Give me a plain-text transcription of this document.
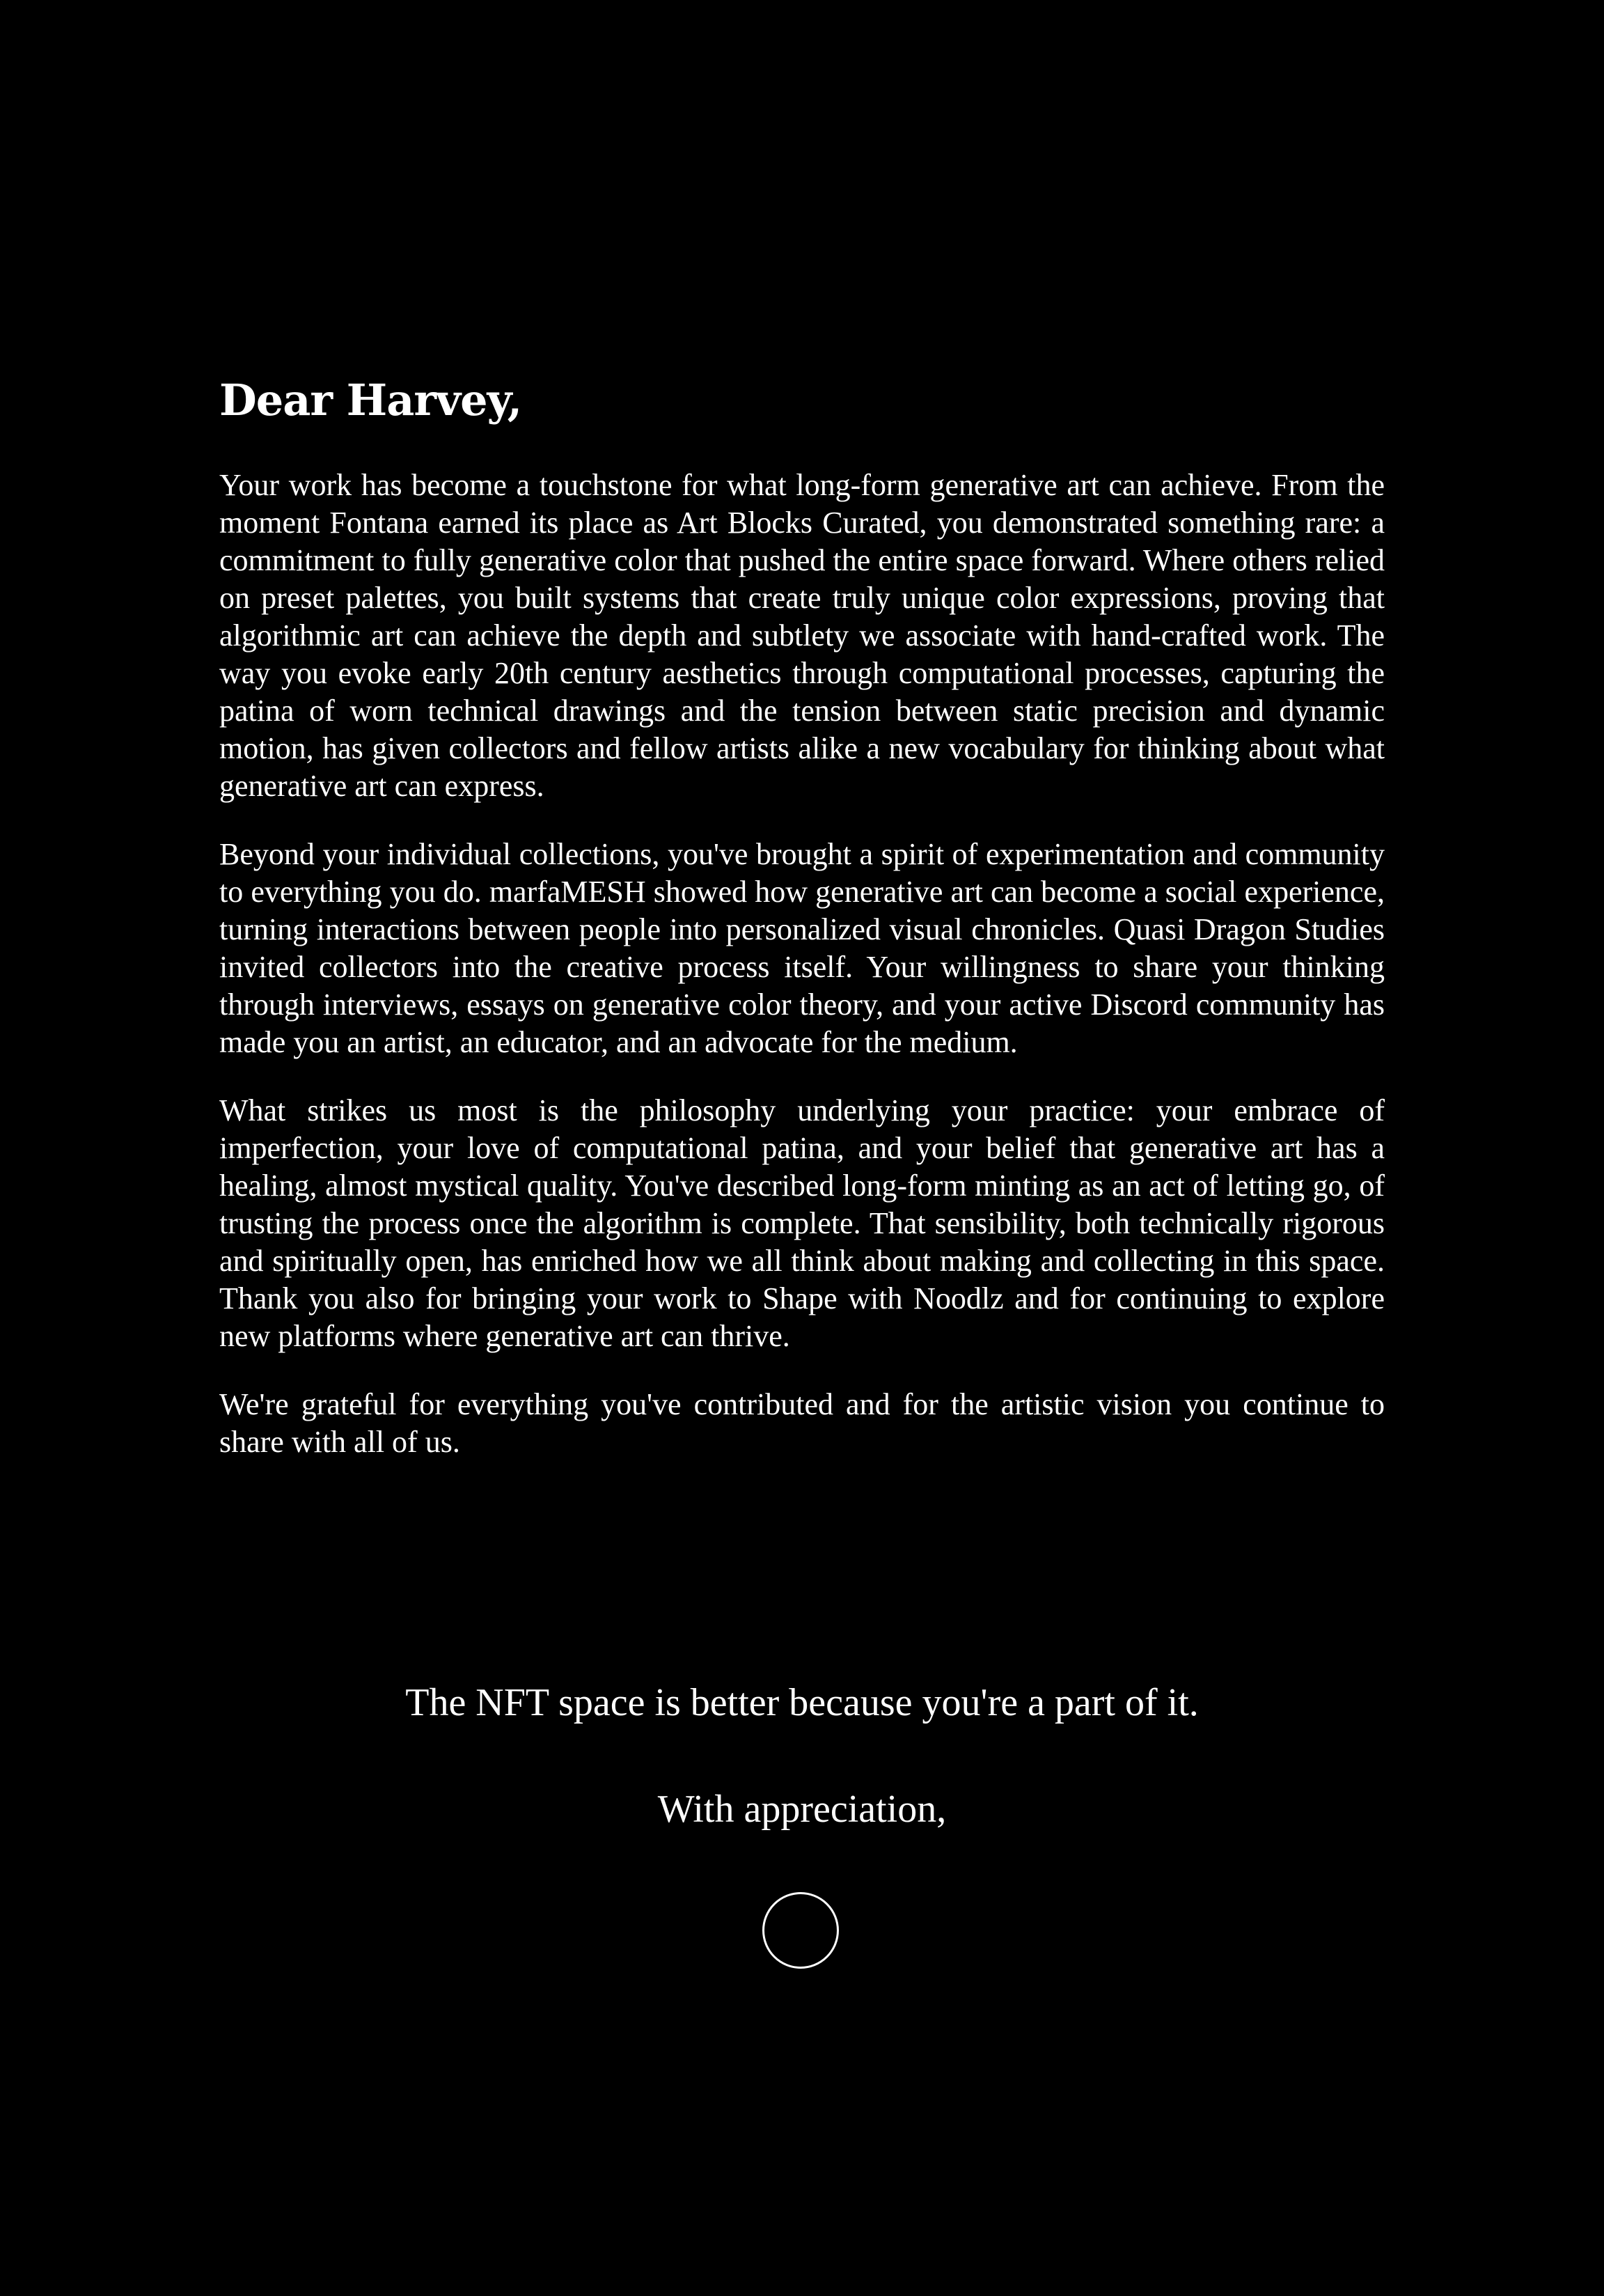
Dear Harvey,

Your work has become a touchstone for what long-form generative art can achieve. From the moment Fontana earned its place as Art Blocks Curated, you demonstrated something rare: a commitment to fully generative color that pushed the entire space forward. Where others relied on preset palettes, you built systems that create truly unique color expressions, proving that algorithmic art can achieve the depth and subtlety we associate with hand-crafted work. The way you evoke early 20th century aesthetics through computational processes, capturing the patina of worn technical drawings and the tension between static precision and dynamic motion, has given collectors and fellow artists alike a new vocabulary for thinking about what generative art can express.

Beyond your individual collections, you've brought a spirit of experimentation and community to everything you do. marfaMESH showed how generative art can become a social experience, turning interactions between people into personalized visual chronicles. Quasi Dragon Studies invited collectors into the creative process itself. Your willingness to share your thinking through interviews, essays on generative color theory, and your active Discord community has made you an artist, an educator, and an advocate for the medium.

What strikes us most is the philosophy underlying your practice: your embrace of imperfection, your love of computational patina, and your belief that generative art has a healing, almost mystical quality. You've described long-form minting as an act of letting go, of trusting the process once the algorithm is complete. That sensibility, both technically rigorous and spiritually open, has enriched how we all think about making and collecting in this space. Thank you also for bringing your work to Shape with Noodlz and for continuing to explore new platforms where generative art can thrive.

We're grateful for everything you've contributed and for the artistic vision you continue to share with all of us.

The NFT space is better because you're a part of it.

With appreciation,
